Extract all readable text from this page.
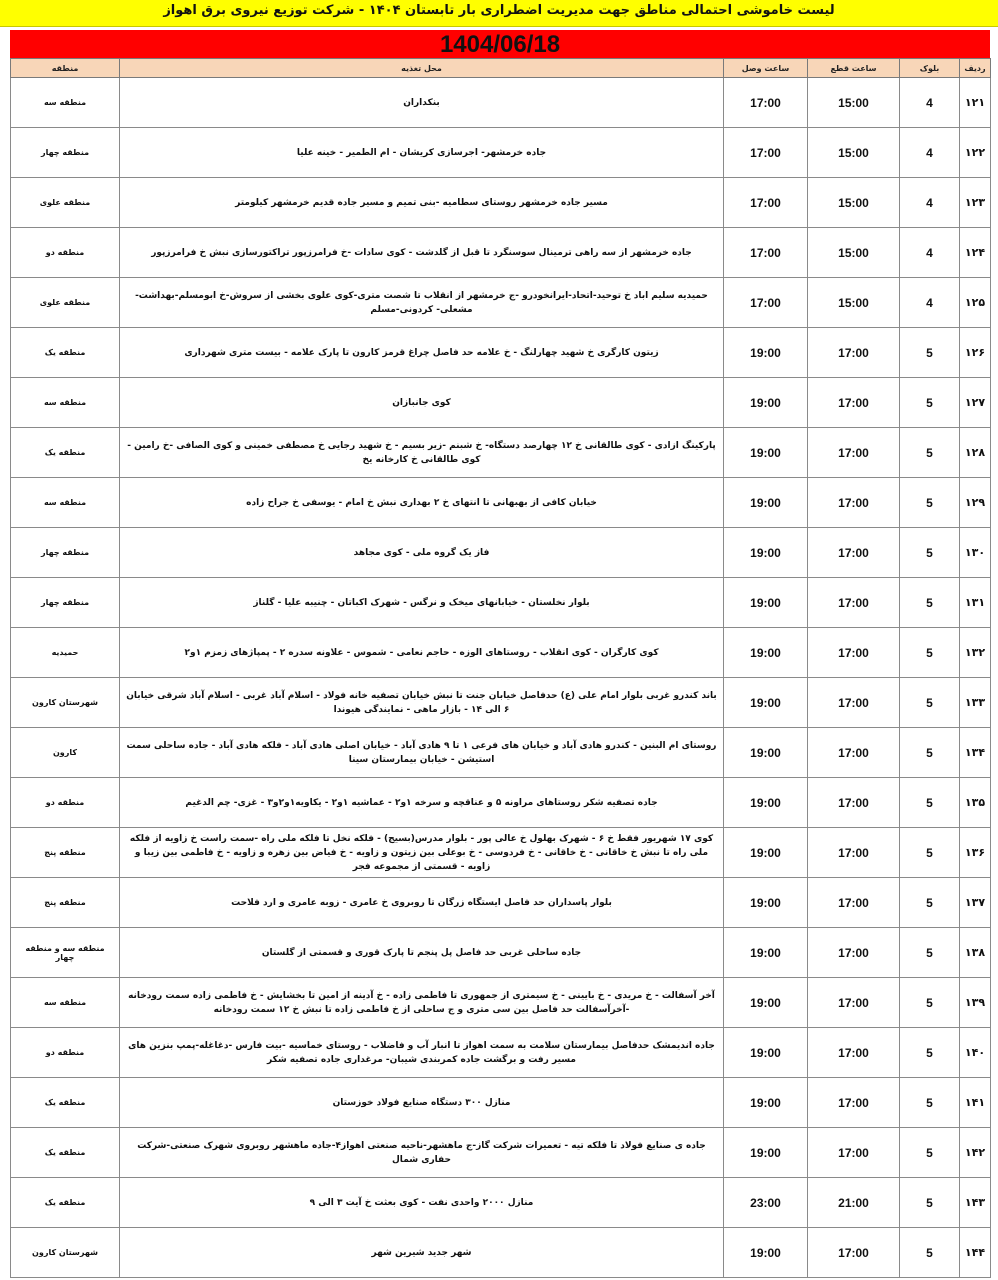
لیست خاموشی احتمالی مناطق جهت مدیریت اضطراری بار تابستان ۱۴۰۴ - شرکت توزیع نیروی برق اهواز
1404/06/18
ردیف	بلوک	ساعت قطع	ساعت وصل	محل تغذیه	منطقه
۱۲۱	4	15:00	17:00	بنکداران	منطقه سه
۱۲۲	4	15:00	17:00	جاده خرمشهر- اجرسازی کریشان - ام الطمیر - خینه علیا	منطقه چهار
۱۲۳	4	15:00	17:00	مسیر جاده خرمشهر روستای سطامیه -بنی تمیم و مسیر جاده قدیم خرمشهر کیلومتر	منطقه علوی
۱۲۴	4	15:00	17:00	جاده خرمشهر از سه راهی ترمینال سوسنگرد تا قبل از گلدشت - کوی سادات -خ فرامرزپور تراکتورسازی نبش خ فرامرزپور	منطقه دو
۱۲۵	4	15:00	17:00	حمیدیه سلیم اباد خ توحید-اتحاد-ایرانخودرو -ج خرمشهر از انقلاب تا شصت متری-کوی علوی بخشی از سروش-خ ابومسلم-بهداشت- مشعلی- کردونی-مسلم	منطقه علوی
۱۲۶	5	17:00	19:00	زیتون کارگری خ شهید چهارلنگ - خ علامه حد فاصل چراغ قرمز کارون تا پارک علامه - بیست متری شهرداری	منطقه یک
۱۲۷	5	17:00	19:00	کوی جانبازان	منطقه سه
۱۲۸	5	17:00	19:00	پارکینگ ازادی - کوی طالقانی خ ۱۲ چهارصد دستگاه- خ شبنم -زیر بسیم - خ شهید رجایی خ مصطفی خمینی و کوی الصافی -خ رامین - کوی طالقانی خ کارخانه یخ	منطقه یک
۱۲۹	5	17:00	19:00	خیابان کافی از بهبهانی تا انتهای خ ۲ بهداری نبش خ امام - یوسفی خ جراح زاده	منطقه سه
۱۳۰	5	17:00	19:00	فاز یک گروه ملی - کوی مجاهد	منطقه چهار
۱۳۱	5	17:00	19:00	بلوار نخلستان - خیابانهای میخک و نرگس - شهرک اکباتان - چنیبه علیا - گلناز	منطقه چهار
۱۳۲	5	17:00	19:00	کوی کارگران - کوی انقلاب - روستاهای الوزه - حاجم نعامی - شموس - علاونه سدره ۲ - پمپاژهای زمزم ۱و۲	حمیدیه
۱۳۳	5	17:00	19:00	باند کندرو غربی بلوار امام علی (ع) حدفاصل خیابان جنت تا نبش خیابان تصفیه خانه فولاد - اسلام آباد غربی - اسلام آباد شرقی خیابان ۶ الی ۱۴ - بازار ماهی - نمایندگی هیوندا	شهرستان کارون
۱۳۴	5	17:00	19:00	روستای ام البنین - کندرو هادی آباد و خیابان های فرعی ۱ تا ۹ هادی آباد - خیابان اصلی هادی آباد - فلکه هادی آباد - جاده ساحلی سمت استیشن - خیابان بیمارستان سینا	کارون
۱۳۵	5	17:00	19:00	جاده تصفیه شکر روستاهای مراونه ۵ و عناقچه و سرخه ۱و۲ - عماشیه ۱و۲ - یکاویه۱و۲و۳ - غزی- چم الدغیم	منطقه دو
۱۳۶	5	17:00	19:00	کوی ۱۷ شهریور فقط خ ۶ - شهرک بهلول خ عالی پور - بلوار مدرس(بسیج) - فلکه نخل تا فلکه ملی راه -سمت راست خ زاویه از فلکه ملی راه تا نبش خ خاقانی - خ خاقانی - خ فردوسی - خ بوعلی بین زیتون و زاویه - خ فیاض بین زهره و زاویه - خ فاطمی بین زیبا و زاویه - قسمتی از مجموعه فجر	منطقه پنج
۱۳۷	5	17:00	19:00	بلوار پاسداران حد فاصل ایستگاه زرگان تا روبروی خ عامری - زوبه عامری و ارد فلاحت	منطقه پنج
۱۳۸	5	17:00	19:00	جاده ساحلی غربی حد فاصل پل پنجم تا پارک قوری و قسمتی از گلستان	منطقه سه و منطقه چهار
۱۳۹	5	17:00	19:00	آخر آسفالت - خ مریدی - خ بایینی - خ سیمتری از جمهوری تا فاطمی زاده - خ آدینه از امین تا بخشایش - خ فاطمی زاده سمت رودخانه -آخرآسفالت حد فاصل بین سی متری و ج ساحلی از خ فاطمی زاده تا نبش خ ۱۲ سمت رودخانه	منطقه سه
۱۴۰	5	17:00	19:00	جاده اندیمشک حدفاصل بیمارستان سلامت به سمت اهواز تا انبار آب و فاضلاب - روستای خماسیه -بیت فارس -دغاغله-پمپ بنزین های مسیر رفت و برگشت جاده کمربندی شیبان- مرغداری جاده تصفیه شکر	منطقه دو
۱۴۱	5	17:00	19:00	منازل ۳۰۰ دستگاه صنایع فولاد خوزستان	منطقه یک
۱۴۲	5	17:00	19:00	جاده ی صنایع فولاد تا فلکه تیه - تعمیرات شرکت گاز-ج ماهشهر-ناحیه صنعتی اهواز۴-جاده ماهشهر روبروی شهرک صنعتی-شرکت حفاری شمال	منطقه یک
۱۴۳	5	21:00	23:00	منازل ۲۰۰۰ واحدی نفت - کوی بعثت خ آیت ۳ الی ۹	منطقه یک
۱۴۴	5	17:00	19:00	شهر جدید شیرین شهر	شهرستان کارون
